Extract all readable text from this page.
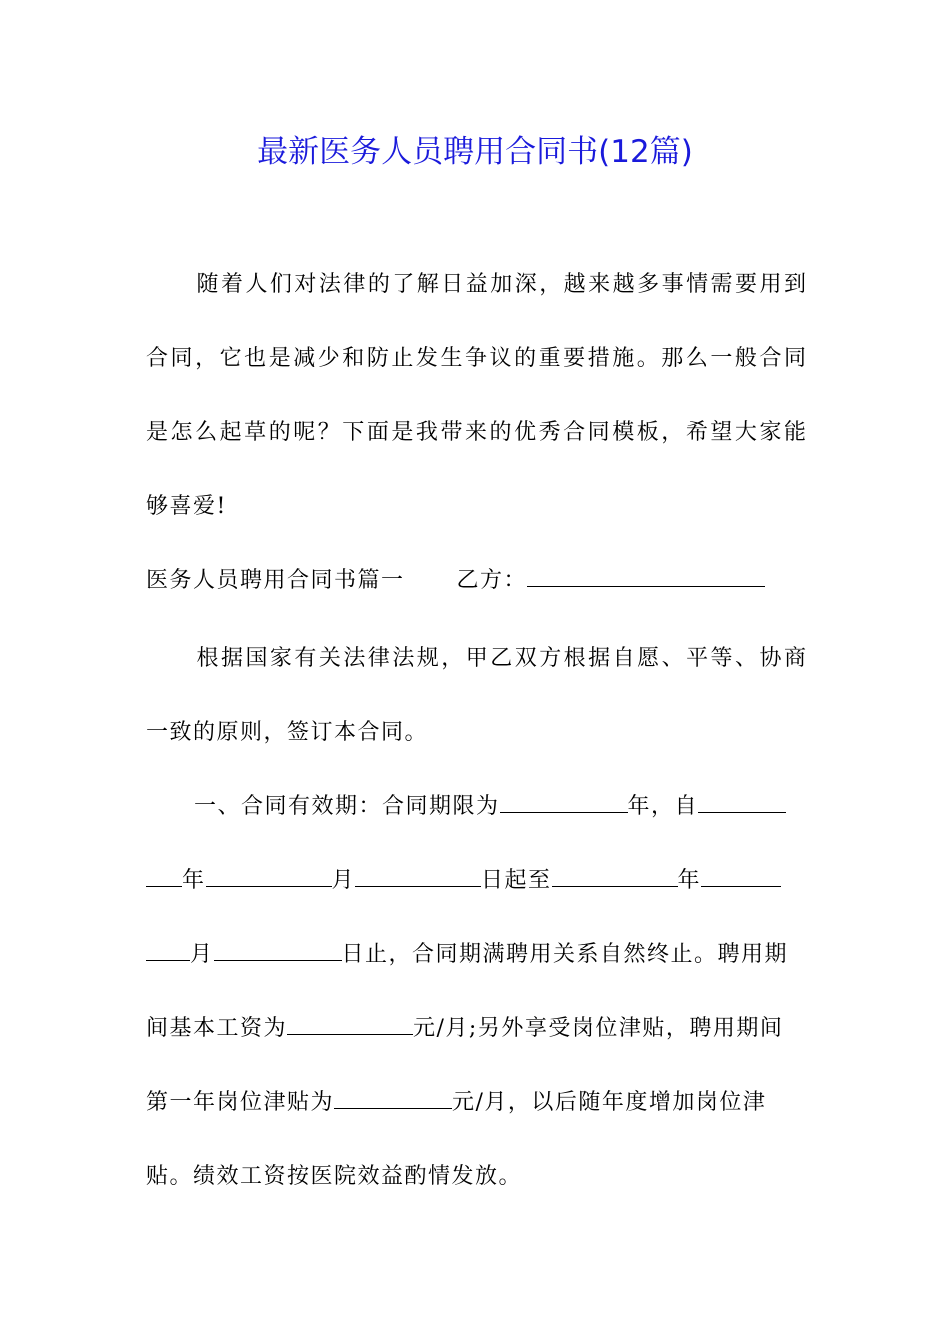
最新医务人员聘用合同书(12篇)
随着人们对法律的了解日益加深，越来越多事情需要用到
合同，它也是减少和防止发生争议的重要措施。那么一般合同
是怎么起草的呢？下面是我带来的优秀合同模板，希望大家能
够喜爱!
医务人员聘用合同书篇一 乙方：
根据国家有关法律法规，甲乙双方根据自愿、平等、协商
一致的原则，签订本合同。
一、合同有效期：合同期限为	年，自
年	月	日起至	年
月	日止，合同期满聘用关系自然终止。聘用期
间基本工资为	元/月;另外享受岗位津贴，聘用期间
第一年岗位津贴为	元/月，以后随年度增加岗位津
贴。绩效工资按医院效益酌情发放。
